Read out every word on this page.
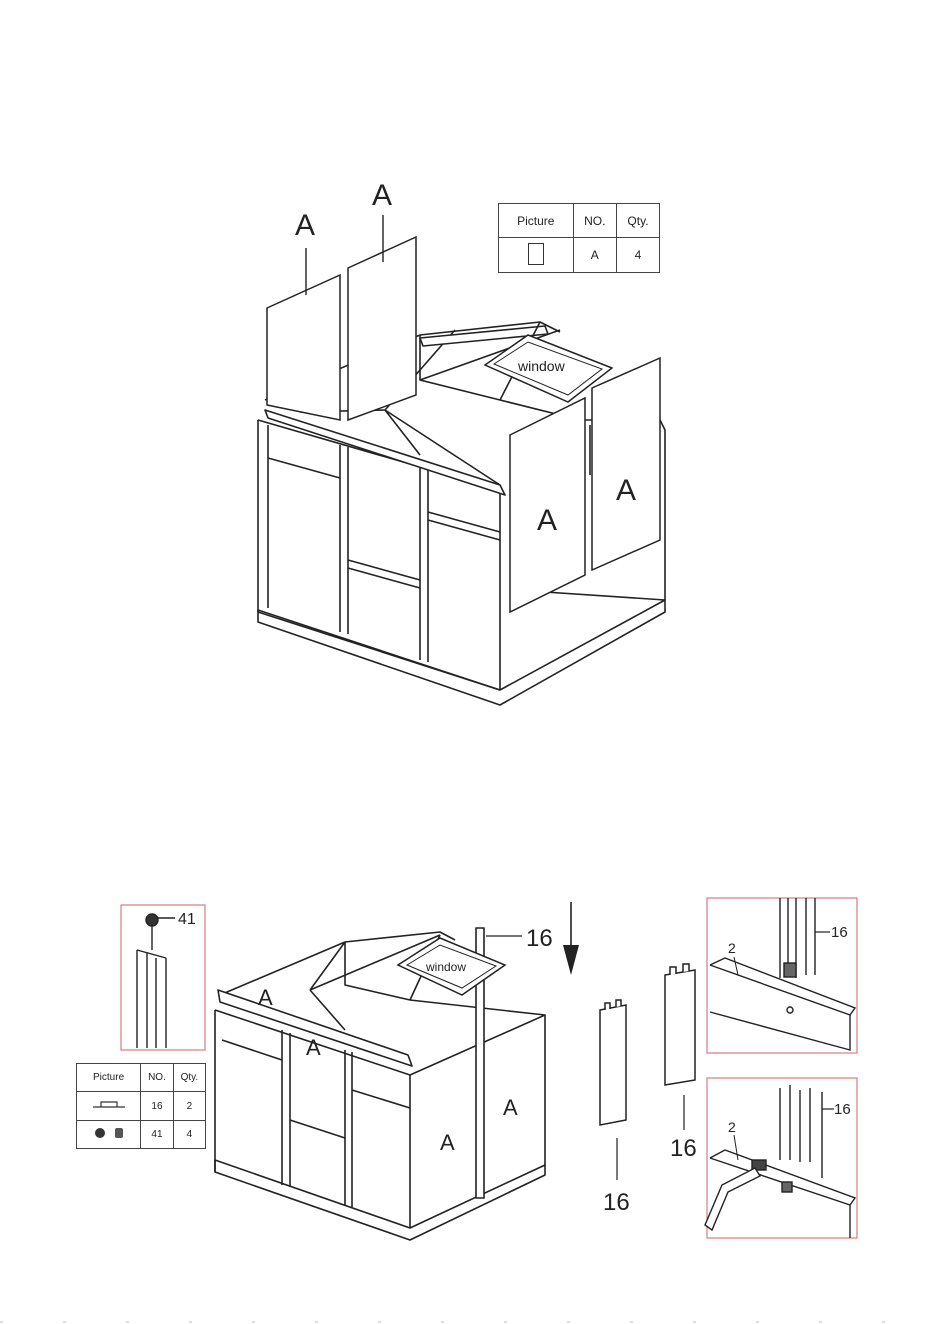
A
A
A
A
window
41
A
A
A
A
window
16
16
16
16
2
16
2
Picture	NO.	Qty.
	A	4
Picture	NO.	Qty.
	16	2
	41	4
